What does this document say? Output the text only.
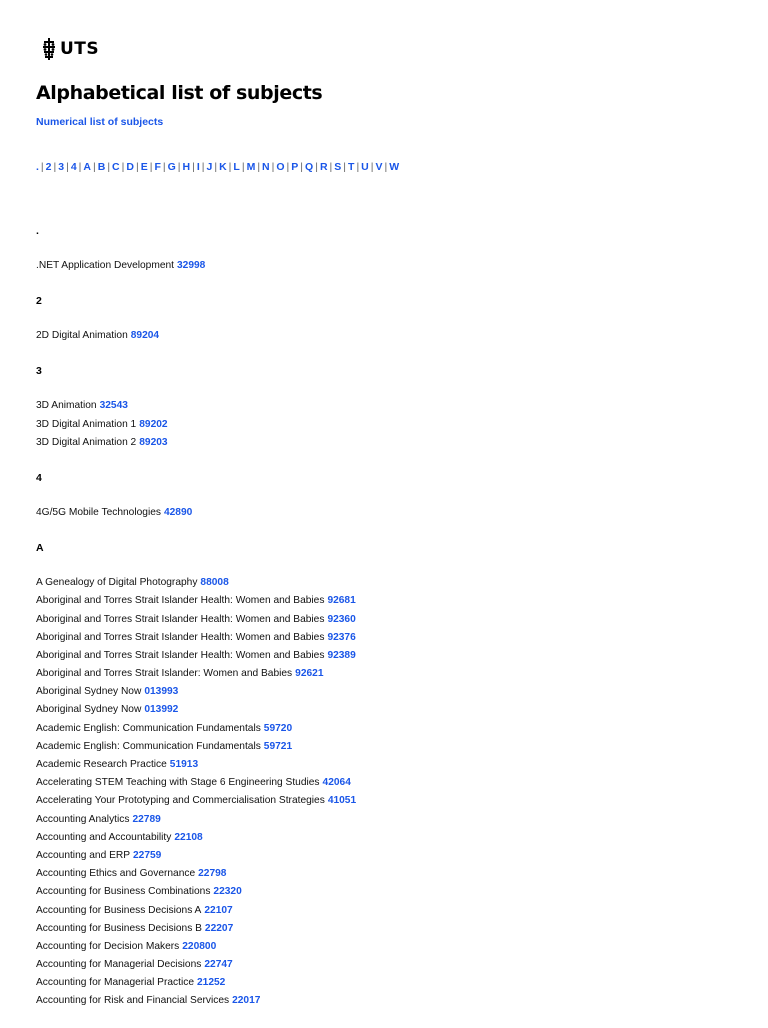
UTS
Alphabetical list of subjects
Numerical list of subjects
. | 2 | 3 | 4 | A | B | C | D | E | F | G | H | I | J | K | L | M | N | O | P | Q | R | S | T | U | V | W
.
.NET Application Development 32998
2
2D Digital Animation 89204
3
3D Animation 32543
3D Digital Animation 1 89202
3D Digital Animation 2 89203
4
4G/5G Mobile Technologies 42890
A
A Genealogy of Digital Photography 88008
Aboriginal and Torres Strait Islander Health: Women and Babies 92681
Aboriginal and Torres Strait Islander Health: Women and Babies 92360
Aboriginal and Torres Strait Islander Health: Women and Babies 92376
Aboriginal and Torres Strait Islander Health: Women and Babies 92389
Aboriginal and Torres Strait Islander: Women and Babies 92621
Aboriginal Sydney Now 013993
Aboriginal Sydney Now 013992
Academic English: Communication Fundamentals 59720
Academic English: Communication Fundamentals 59721
Academic Research Practice 51913
Accelerating STEM Teaching with Stage 6 Engineering Studies 42064
Accelerating Your Prototyping and Commercialisation Strategies 41051
Accounting Analytics 22789
Accounting and Accountability 22108
Accounting and ERP 22759
Accounting Ethics and Governance 22798
Accounting for Business Combinations 22320
Accounting for Business Decisions A 22107
Accounting for Business Decisions B 22207
Accounting for Decision Makers 220800
Accounting for Managerial Decisions 22747
Accounting for Managerial Practice 21252
Accounting for Risk and Financial Services 22017
